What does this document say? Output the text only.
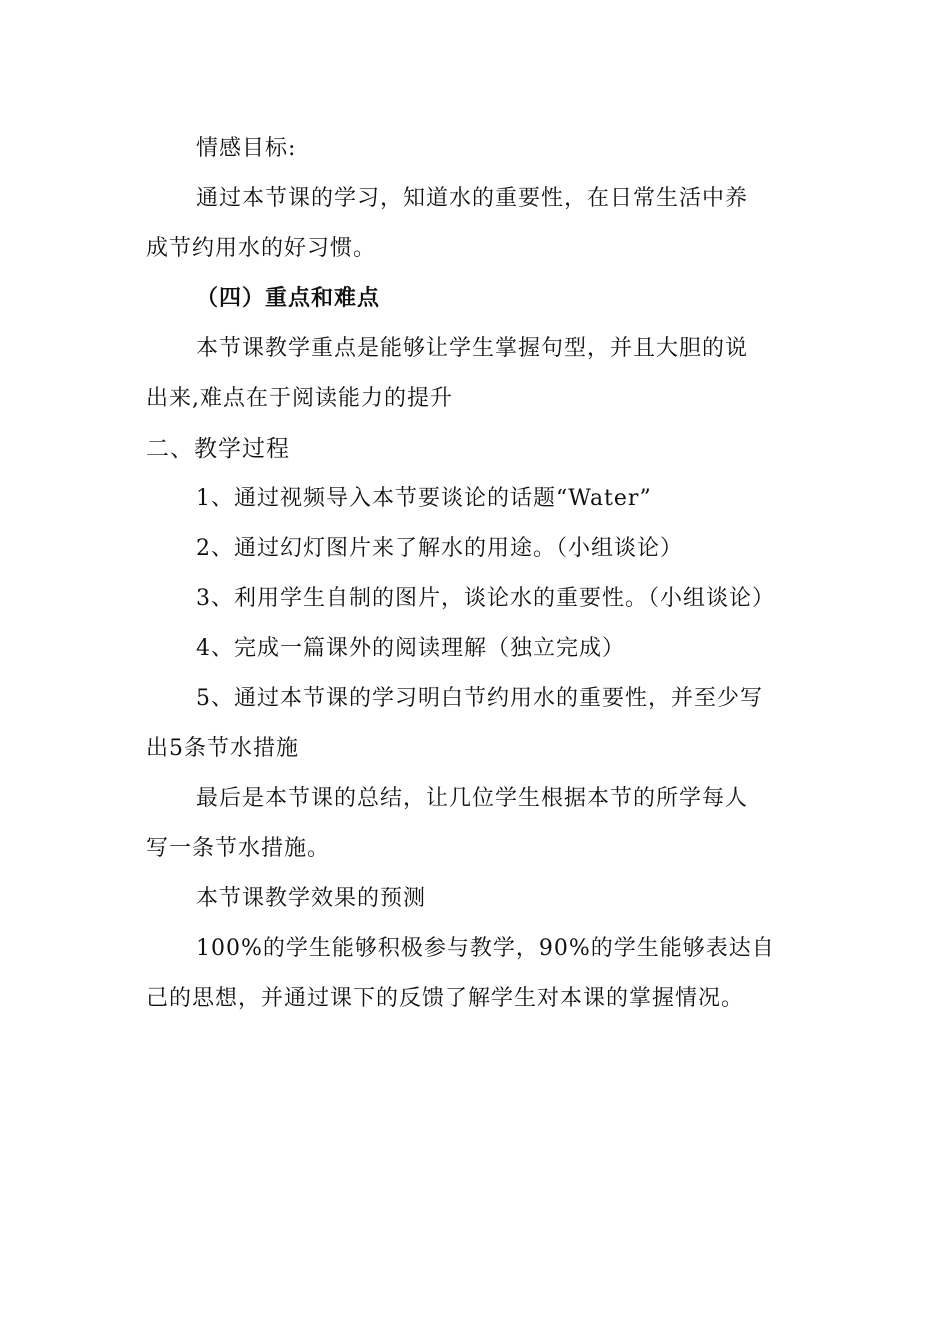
情感目标:
通过本节课的学习，知道水的重要性，在日常生活中养
成节约用水的好习惯。
（四）重点和难点
本节课教学重点是能够让学生掌握句型，并且大胆的说
出来,难点在于阅读能力的提升
二、教学过程
1、通过视频导入本节要谈论的话题“Water”
2、通过幻灯图片来了解水的用途。（小组谈论）
3、利用学生自制的图片，谈论水的重要性。（小组谈论）
4、完成一篇课外的阅读理解（独立完成）
5、通过本节课的学习明白节约用水的重要性，并至少写
出5条节水措施
最后是本节课的总结，让几位学生根据本节的所学每人
写一条节水措施。
本节课教学效果的预测
100%的学生能够积极参与教学，90%的学生能够表达自
己的思想，并通过课下的反馈了解学生对本课的掌握情况。
